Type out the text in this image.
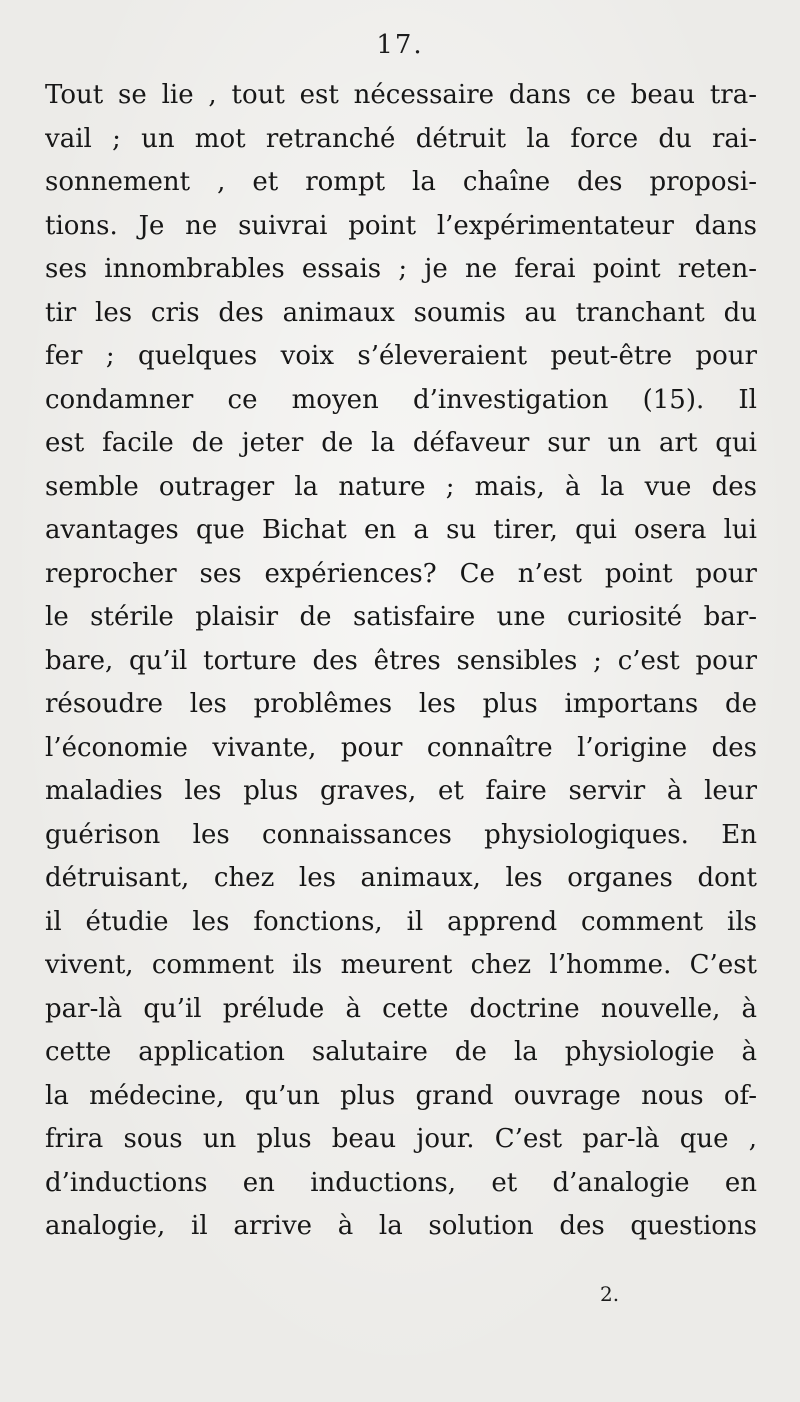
17.
Tout se lie , tout est nécessaire dans ce beau tra-
vail ; un mot retranché détruit la force du rai-
sonnement , et rompt la chaîne des proposi-
tions. Je ne suivrai point l’expérimentateur dans
ses innombrables essais ; je ne ferai point reten-
tir les cris des animaux soumis au tranchant du
fer ; quelques voix s’éleveraient peut-être pour
condamner ce moyen d’investigation (15). Il
est facile de jeter de la défaveur sur un art qui
semble outrager la nature ; mais, à la vue des
avantages que Bichat en a su tirer, qui osera lui
reprocher ses expériences? Ce n’est point pour
le stérile plaisir de satisfaire une curiosité bar-
bare, qu’il torture des êtres sensibles ; c’est pour
résoudre les problêmes les plus importans de
l’économie vivante, pour connaître l’origine des
maladies les plus graves, et faire servir à leur
guérison les connaissances physiologiques. En
détruisant, chez les animaux, les organes dont
il étudie les fonctions, il apprend comment ils
vivent, comment ils meurent chez l’homme. C’est
par-là qu’il prélude à cette doctrine nouvelle, à
cette application salutaire de la physiologie à
la médecine, qu’un plus grand ouvrage nous of-
frira sous un plus beau jour. C’est par-là que ,
d’inductions en inductions, et d’analogie en
analogie, il arrive à la solution des questions
2.
